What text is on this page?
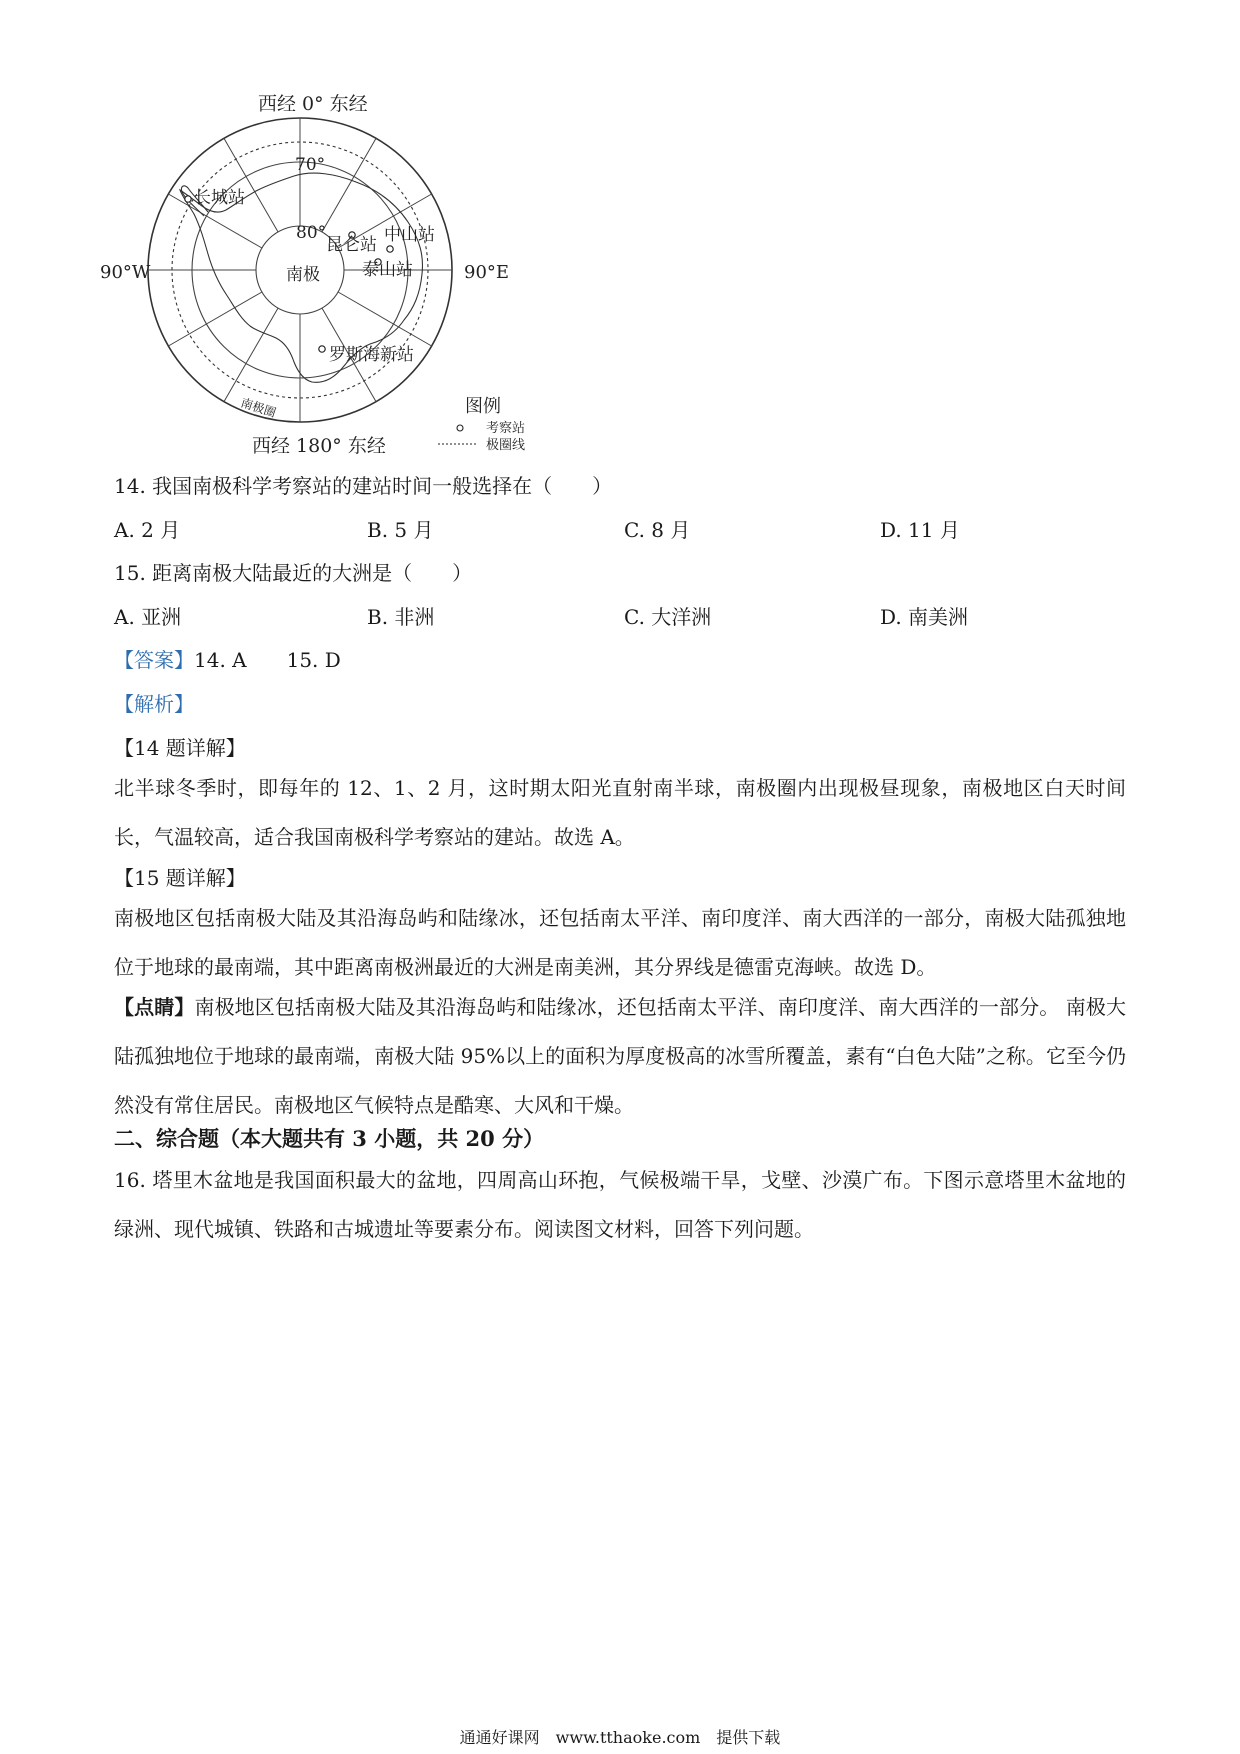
西经 0° 东经
西经 180° 东经
90°W	90°E
70°
80°
南极
南极圈
长城站
昆仑站 中山站
泰山站
罗斯海新站
图例
考察站
极圈线
14. 我国南极科学考察站的建站时间一般选择在（　　）
A. 2 月	B. 5 月	C. 8 月	D. 11 月
15. 距离南极大陆最近的大洲是（　　）
A. 亚洲	B. 非洲	C. 大洋洲	D. 南美洲
【答案】14. A　　15. D
【解析】
【14 题详解】
北半球冬季时，即每年的 12、1、2 月，这时期太阳光直射南半球，南极圈内出现极昼现象，南极地区白天时间长，气温较高，适合我国南极科学考察站的建站。故选 A。
【15 题详解】
南极地区包括南极大陆及其沿海岛屿和陆缘冰，还包括南太平洋、南印度洋、南大西洋的一部分，南极大陆孤独地位于地球的最南端，其中距离南极洲最近的大洲是南美洲，其分界线是德雷克海峡。故选 D。
【点睛】南极地区包括南极大陆及其沿海岛屿和陆缘冰，还包括南太平洋、南印度洋、南大西洋的一部分。 南极大陆孤独地位于地球的最南端，南极大陆 95%以上的面积为厚度极高的冰雪所覆盖，素有“白色大陆”之称。它至今仍然没有常住居民。南极地区气候特点是酷寒、大风和干燥。
二、综合题（本大题共有 3 小题，共 20 分）
16. 塔里木盆地是我国面积最大的盆地，四周高山环抱，气候极端干旱，戈壁、沙漠广布。下图示意塔里木盆地的绿洲、现代城镇、铁路和古城遗址等要素分布。阅读图文材料，回答下列问题。
通通好课网　www.tthaoke.com　提供下载
